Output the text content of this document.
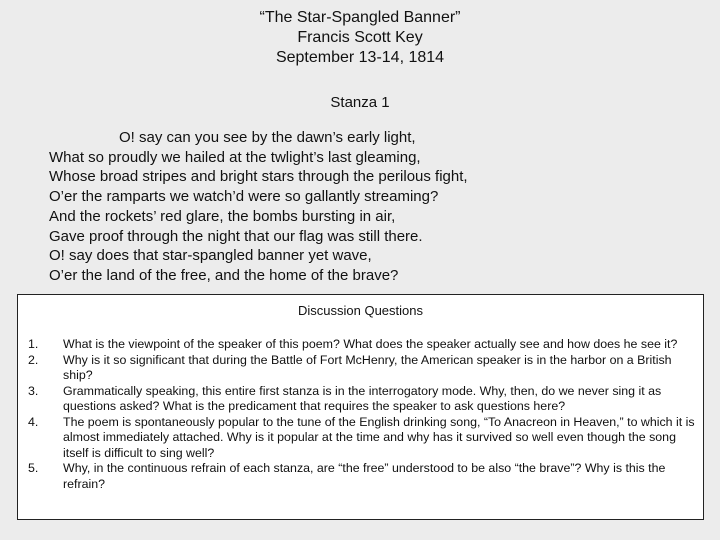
“The Star-Spangled Banner”
Francis Scott Key
September 13-14, 1814
Stanza 1
O! say can you see by the dawn’s early light,
What so proudly we hailed at the twlight’s last gleaming,
Whose broad stripes and bright stars through the perilous fight,
O’er the ramparts we watch’d were so gallantly streaming?
And the rockets’ red glare, the bombs bursting in air,
Gave proof through the night that our flag was still there.
O! say does that star-spangled banner yet wave,
O’er the land of the free, and the home of the brave?
Discussion Questions
1.	What is the viewpoint of the speaker of this poem? What does the speaker actually see and how does he see it?
2.	Why is it so significant that during the Battle of Fort McHenry, the American speaker is in the harbor on a British ship?
3.	Grammatically speaking, this entire first stanza is in the interrogatory mode. Why, then, do we never sing it as questions asked? What is the predicament that requires the speaker to ask questions here?
4.	The poem is spontaneously popular to the tune of the English drinking song, “To Anacreon in Heaven,” to which it is almost immediately attached. Why is it popular at the time and why has it survived so well even though the song itself is difficult to sing well?
5.	Why, in the continuous refrain of each stanza, are “the free” understood to be also “the brave”? Why is this the refrain?
